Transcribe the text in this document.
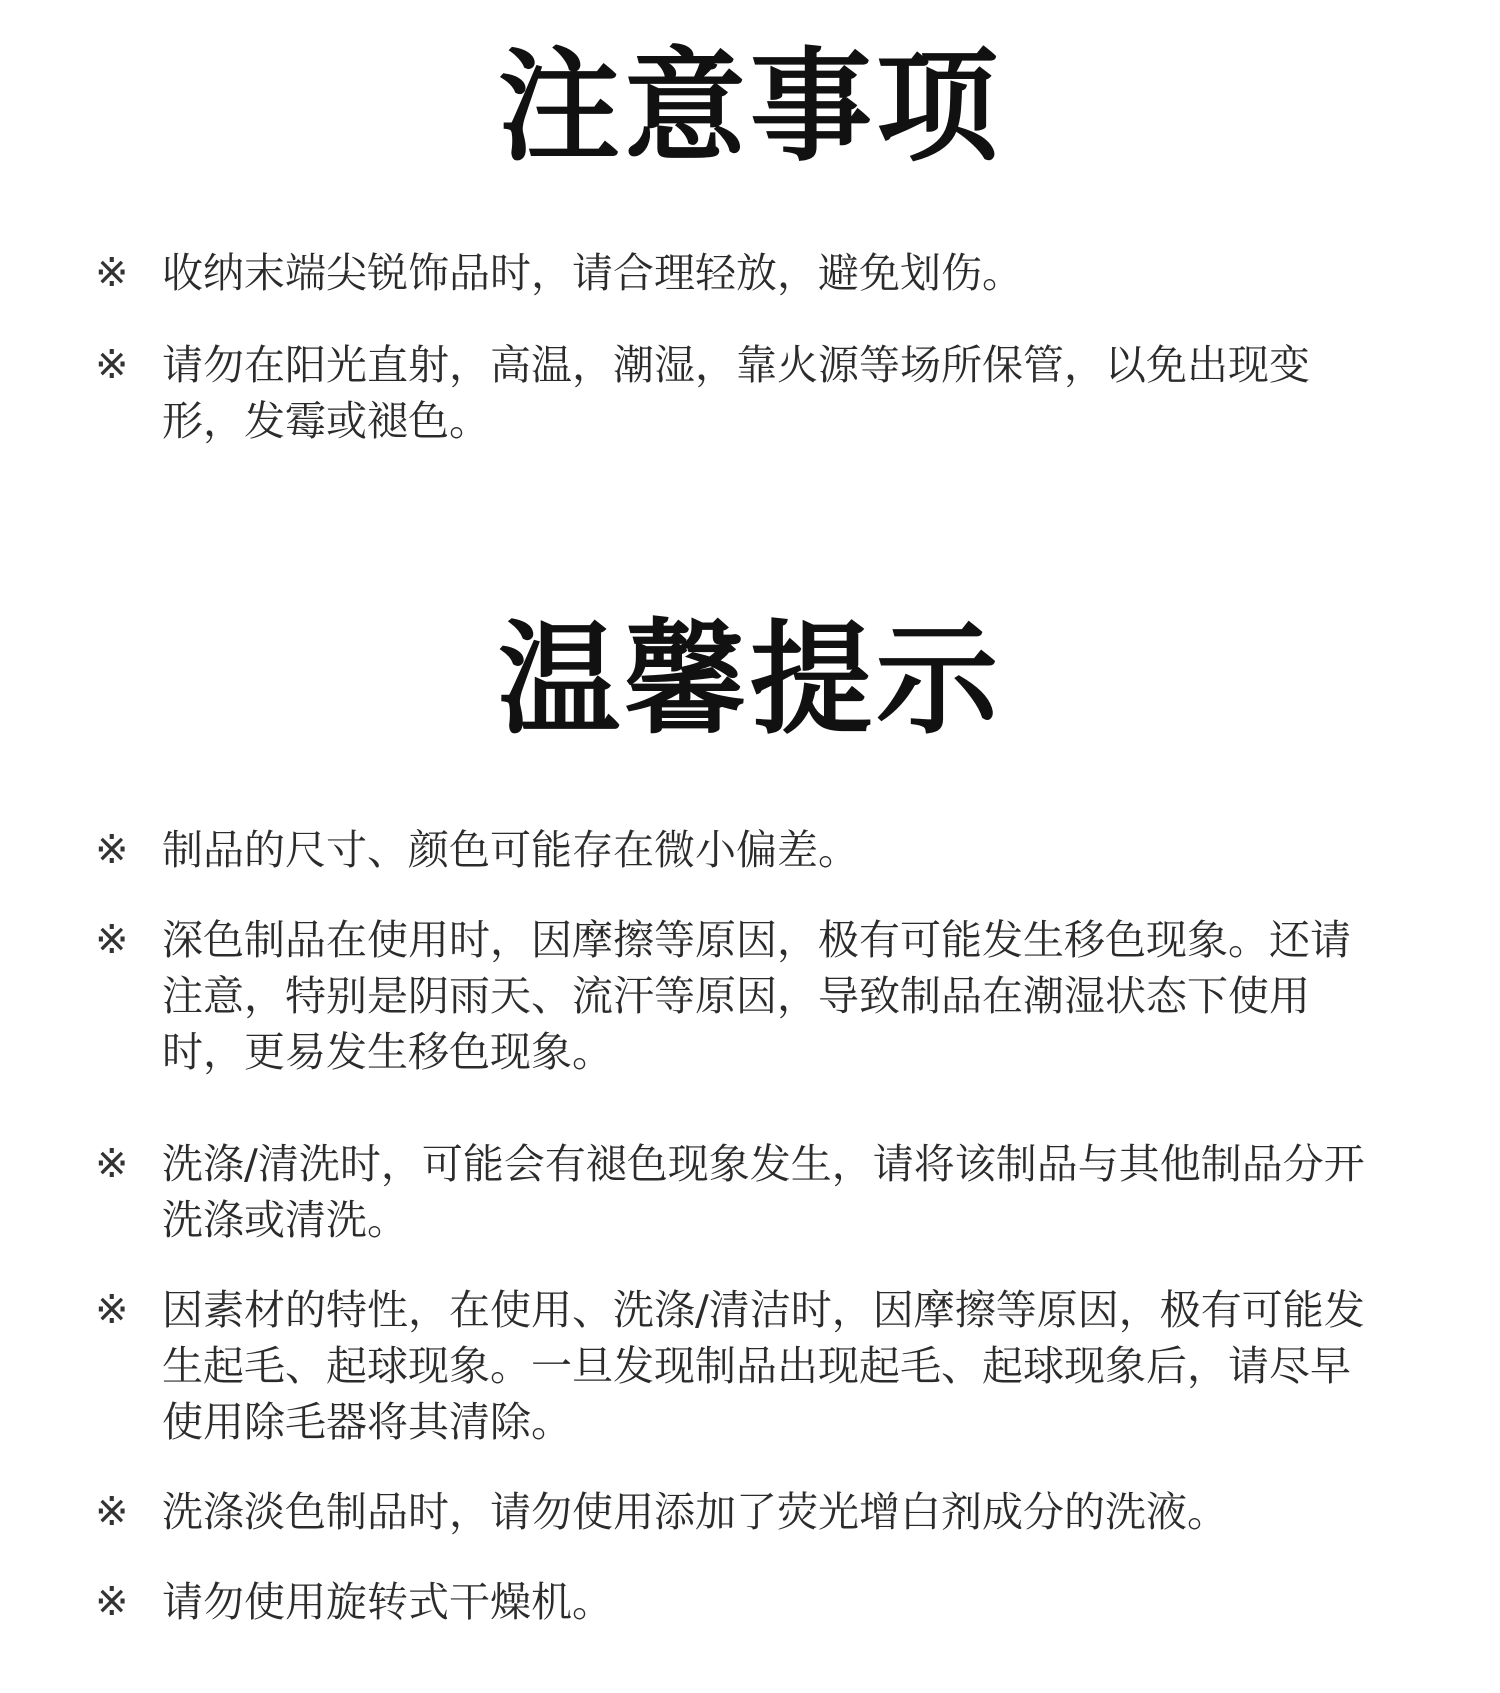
注意事项
※ 收纳末端尖锐饰品时，请合理轻放，避免划伤。
※ 请勿在阳光直射，高温，潮湿，靠火源等场所保管，以免出现变形，发霉或褪色。
温馨提示
※ 制品的尺寸、颜色可能存在微小偏差。
※ 深色制品在使用时，因摩擦等原因，极有可能发生移色现象。还请注意，特别是阴雨天、流汗等原因，导致制品在潮湿状态下使用时，更易发生移色现象。
※ 洗涤/清洗时，可能会有褪色现象发生，请将该制品与其他制品分开洗涤或清洗。
※ 因素材的特性，在使用、洗涤/清洁时，因摩擦等原因，极有可能发生起毛、起球现象。一旦发现制品出现起毛、起球现象后，请尽早使用除毛器将其清除。
※ 洗涤淡色制品时，请勿使用添加了荧光增白剂成分的洗液。
※ 请勿使用旋转式干燥机。
